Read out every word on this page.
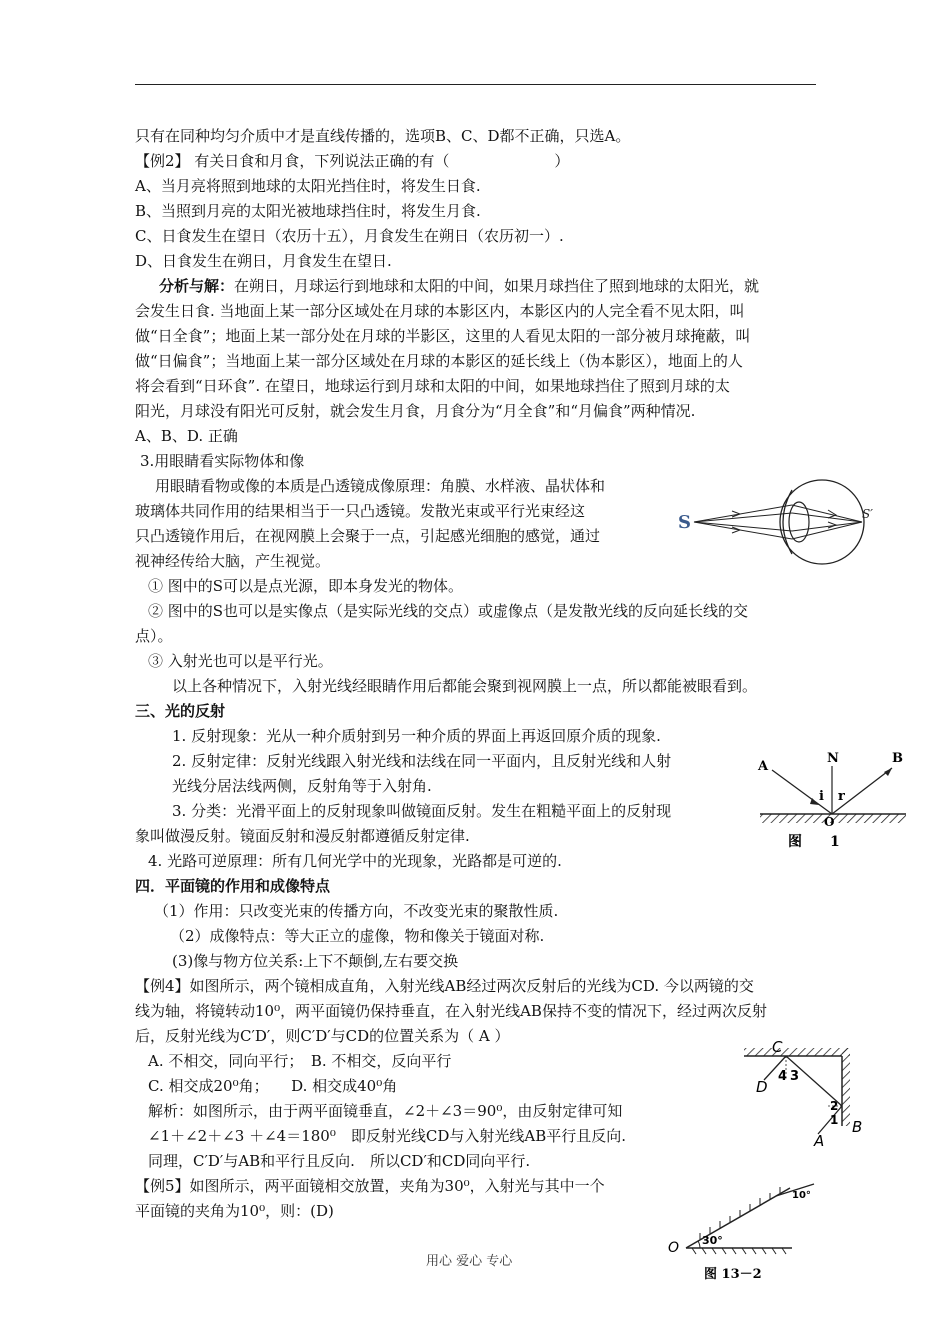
只有在同种均匀介质中才是直线传播的，选项B、C、D都不正确，只选A。
【例2】 有关日食和月食，下列说法正确的有（　　　　　　　）
A、当月亮将照到地球的太阳光挡住时，将发生日食.
B、当照到月亮的太阳光被地球挡住时，将发生月食.
C、日食发生在望日（农历十五），月食发生在朔日（农历初一）.
D、日食发生在朔日，月食发生在望日.
分析与解：在朔日，月球运行到地球和太阳的中间，如果月球挡住了照到地球的太阳光，就
会发生日食. 当地面上某一部分区域处在月球的本影区内，本影区内的人完全看不见太阳，叫
做“日全食”；地面上某一部分处在月球的半影区，这里的人看见太阳的一部分被月球掩蔽，叫
做“日偏食”；当地面上某一部分区域处在月球的本影区的延长线上（伪本影区），地面上的人
将会看到“日环食”. 在望日，地球运行到月球和太阳的中间，如果地球挡住了照到月球的太
阳光，月球没有阳光可反射，就会发生月食，月食分为“月全食”和“月偏食”两种情况.
A、B、D. 正确
3.用眼睛看实际物体和像
用眼睛看物或像的本质是凸透镜成像原理：角膜、水样液、晶状体和
玻璃体共同作用的结果相当于一只凸透镜。发散光束或平行光束经这
只凸透镜作用后，在视网膜上会聚于一点，引起感光细胞的感觉，通过
视神经传给大脑，产生视觉。
① 图中的S可以是点光源，即本身发光的物体。
② 图中的S也可以是实像点（是实际光线的交点）或虚像点（是发散光线的反向延长线的交
点）。
③ 入射光也可以是平行光。
以上各种情况下，入射光线经眼睛作用后都能会聚到视网膜上一点，所以都能被眼看到。
三、光的反射
1. 反射现象：光从一种介质射到另一种介质的界面上再返回原介质的现象.
2. 反射定律：反射光线跟入射光线和法线在同一平面内，且反射光线和人射
光线分居法线两侧，反射角等于入射角.
3. 分类：光滑平面上的反射现象叫做镜面反射。发生在粗糙平面上的反射现
象叫做漫反射。镜面反射和漫反射都遵循反射定律.
4. 光路可逆原理：所有几何光学中的光现象，光路都是可逆的.
四．平面镜的作用和成像特点
（1）作用：只改变光束的传播方向，不改变光束的聚散性质.
（2）成像特点：等大正立的虚像，物和像关于镜面对称.
(3)像与物方位关系:上下不颠倒,左右要交换
【例4】如图所示，两个镜相成直角，入射光线AB经过两次反射后的光线为CD. 今以两镜的交
线为轴，将镜转动10⁰，两平面镜仍保持垂直，在入射光线AB保持不变的情况下，经过两次反射
后，反射光线为C′D′，则C′D′与CD的位置关系为（ A ）
A. 不相交，同向平行；　B. 不相交，反向平行
C. 相交成20⁰角；　　D. 相交成40⁰角
解析：如图所示，由于两平面镜垂直，∠2＋∠3＝90⁰，由反射定律可知
∠1＋∠2＋∠3 ＋∠4＝180⁰　即反射光线CD与入射光线AB平行且反向.
同理，C′D′与AB和平行且反向.　所以CD′和CD同向平行.
【例5】如图所示，两平面镜相交放置，夹角为30⁰，入射光与其中一个
平面镜的夹角为10⁰，则：(D)
S	S′
A
N	B
i r
O
图　　1
C
D
4 3
2
1
A
B
O 30°
10°
图 13－2
用心 爱心 专心
